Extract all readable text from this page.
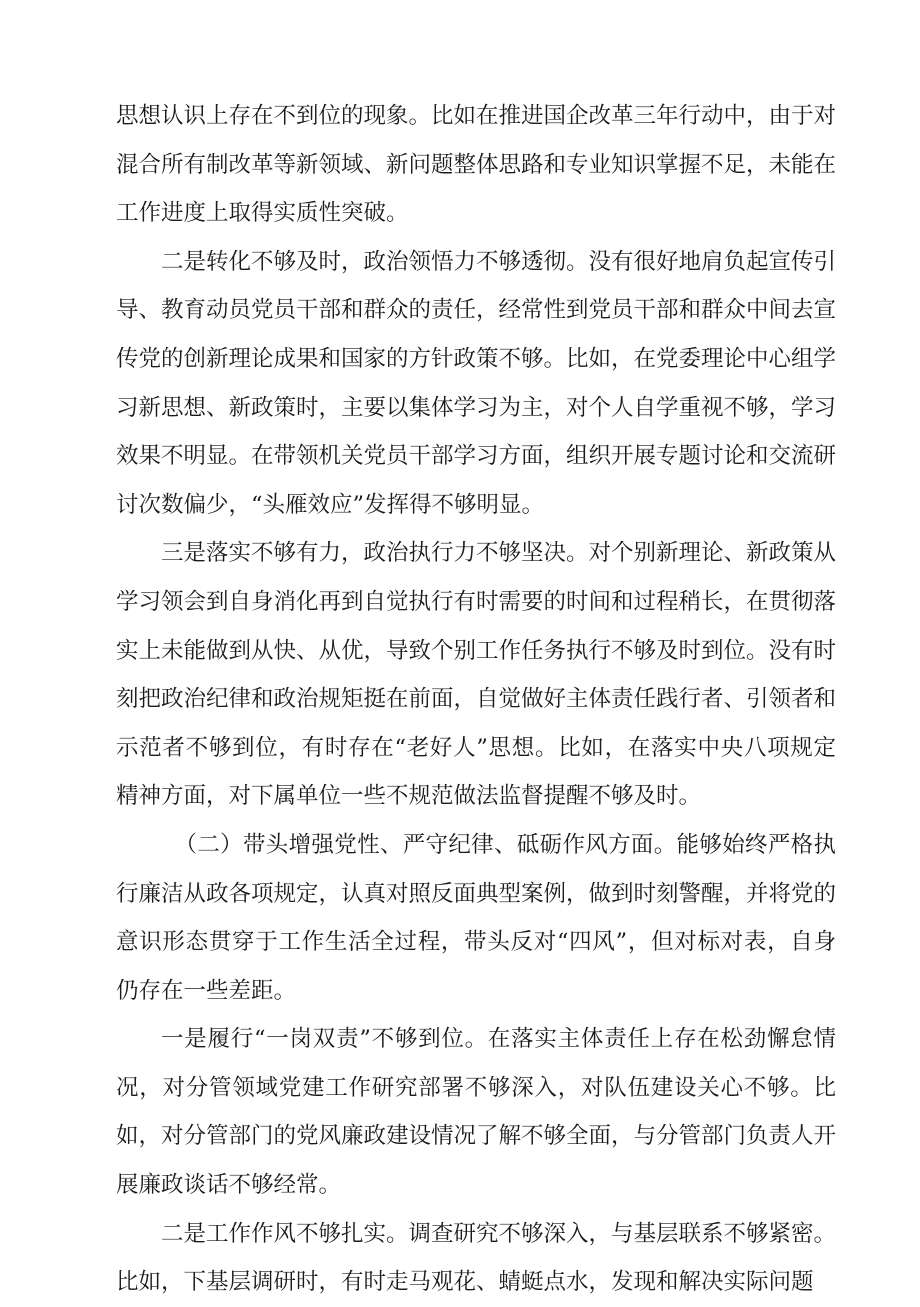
思想认识上存在不到位的现象。比如在推进国企改革三年行动中，由于对混合所有制改革等新领域、新问题整体思路和专业知识掌握不足，未能在工作进度上取得实质性突破。

二是转化不够及时，政治领悟力不够透彻。没有很好地肩负起宣传引导、教育动员党员干部和群众的责任，经常性到党员干部和群众中间去宣传党的创新理论成果和国家的方针政策不够。比如，在党委理论中心组学习新思想、新政策时，主要以集体学习为主，对个人自学重视不够，学习效果不明显。在带领机关党员干部学习方面，组织开展专题讨论和交流研讨次数偏少，“头雁效应”发挥得不够明显。

三是落实不够有力，政治执行力不够坚决。对个别新理论、新政策从学习领会到自身消化再到自觉执行有时需要的时间和过程稍长，在贯彻落实上未能做到从快、从优，导致个别工作任务执行不够及时到位。没有时刻把政治纪律和政治规矩挺在前面，自觉做好主体责任践行者、引领者和示范者不够到位，有时存在“老好人”思想。比如，在落实中央八项规定精神方面，对下属单位一些不规范做法监督提醒不够及时。

（二）带头增强党性、严守纪律、砥砺作风方面。能够始终严格执行廉洁从政各项规定，认真对照反面典型案例，做到时刻警醒，并将党的意识形态贯穿于工作生活全过程，带头反对“四风”，但对标对表，自身仍存在一些差距。

一是履行“一岗双责”不够到位。在落实主体责任上存在松劲懈怠情况，对分管领域党建工作研究部署不够深入，对队伍建设关心不够。比如，对分管部门的党风廉政建设情况了解不够全面，与分管部门负责人开展廉政谈话不够经常。

二是工作作风不够扎实。调查研究不够深入，与基层联系不够紧密。比如，下基层调研时，有时走马观花、蜻蜓点水，发现和解决实际问题
